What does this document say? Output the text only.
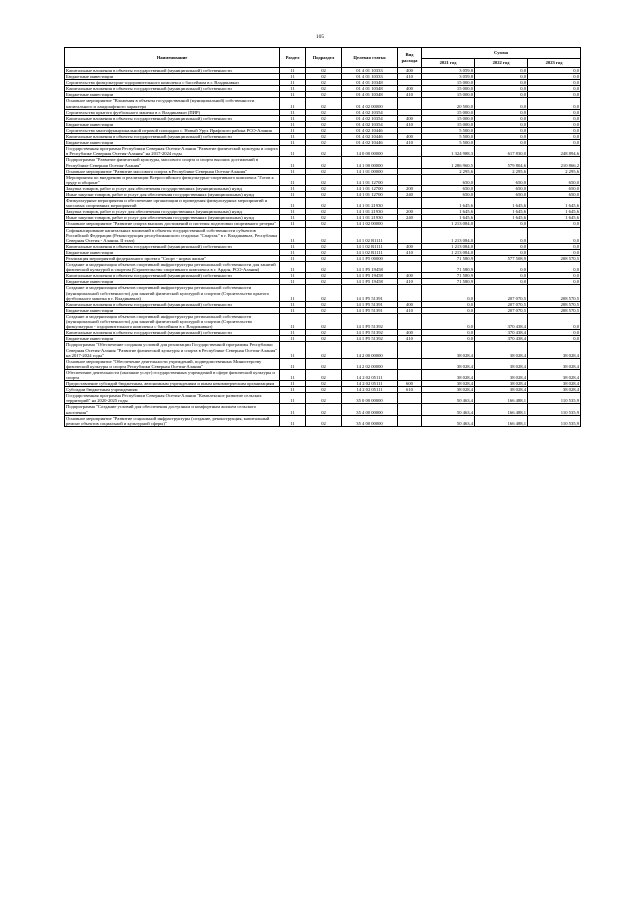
105
Наименование	Раздел	Подраздел	Целевая статья	Вид расхода	Сумма		
					2021 год	2022 год	2023 год
Капитальные вложения в объекты государственной (муниципальной) собственности	11	02	01 4 01 10333	400	3 059,8	0,0	0,0
Бюджетные инвестиции	11	02	01 4 01 10333	410	3 059,8	0,0	0,0
Строительство физкультурно-оздоровительного комплекса с бассейном в г. Владикавказ	11	02	01 4 01 10348		15 000,0	0,0	0,0
Капитальные вложения в объекты государственной (муниципальной) собственности	11	02	01 4 01 10348	400	15 000,0	0,0	0,0
Бюджетные инвестиции	11	02	01 4 01 10348	410	15 000,0	0,0	0,0
Основное мероприятие "Вложения в объекты государственной (муниципальной) собственности капитального и ландшафтного характера	11	02	01 4 02 00000		20 500,0	0,0	0,0
Строительство крытого футбольного манежа в г. Владикавказ (ПИР)	11	02	01 4 02 10354		15 000,0	0,0	0,0
Капитальные вложения в объекты государственной (муниципальной) собственности	11	02	01 4 02 10354	400	15 000,0	0,0	0,0
Бюджетные инвестиции	11	02	01 4 02 10354	410	15 000,0	0,0	0,0
Строительство многофункциональной игровой площадки с. Новый Урух Ирафского района РСО-Алания	11	02	01 4 02 10446		5 500,0	0,0	0,0
Капитальные вложения в объекты государственной (муниципальной) собственности	11	02	01 4 02 10446	400	5 500,0	0,0	0,0
Бюджетные инвестиции	11	02	01 4 02 10446	410	5 500,0	0,0	0,0
Государственная программа Республики Северная Осетия-Алания "Развитие физической культуры и спорта в Республике Северная Осетия-Алания" на 2017-2024 годы	11	02	14 0 00 00000		1 324 988,3	617 830,0	248 894,6
Подпрограмма "Развитие физической культуры, массового спорта и спорта высших достижений в Республике Северная Осетия-Алания"	11	02	14 1 00 00000		1 286 960,5	579 804,6	210 866,2
Основное мероприятие "Развитие массового спорта в Республике Северная Осетия-Алания"	11	02	14 1 01 00000		2 295,6	2 295,6	2 295,6
Мероприятия по внедрению и реализации Всероссийского физкультурно-спортивного комплекса "Готов к труду и обороне"	11	02	14 1 01 12700		650,0	650,0	650,0
Закупка товаров, работ и услуг для обеспечения государственных (муниципальных) нужд	11	02	14 1 01 12700	200	650,0	650,0	650,0
Иные закупки товаров, работ и услуг для обеспечения государственных (муниципальных) нужд	11	02	14 1 01 12700	240	650,0	650,0	650,0
Физкультурные мероприятия и обеспечение организации и проведения физкультурных мероприятий и массовых спортивных мероприятий	11	02	14 1 01 21930		1 645,6	1 645,6	1 645,6
Закупка товаров, работ и услуг для обеспечения государственных (муниципальных) нужд	11	02	14 1 01 21930	200	1 645,6	1 645,6	1 645,6
Иные закупки товаров, работ и услуг для обеспечения государственных (муниципальных) нужд	11	02	14 1 01 21930	240	1 645,6	1 645,6	1 645,6
Основное мероприятие "Развитие спорта высших достижений и системы подготовки спортивного резерва"	11	02	14 1 02 00000		1 213 084,0	0,0	0,0
Софинансирование капитальных вложений в объекты государственной собственности субъектов Российской Федерации (Реконструкция республиканского стадиона "Спартак" в г. Владикавказ, Республика Северная Осетия - Алания. II этап)	11	02	14 1 02 R1111		1 213 084,0	0,0	0,0
Капитальные вложения в объекты государственной (муниципальной) собственности	11	02	14 1 02 R1111	400	1 213 084,0	0,0	0,0
Бюджетные инвестиции	11	02	14 1 02 R1111	410	1 213 084,0	0,0	0,0
Реализация мероприятий федерального проекта "Спорт - норма жизни"	11	02	14 1 P5 00000		71 580,9	577 508,9	208 570,5
Создание и модернизация объектов спортивной инфраструктуры региональной собственности для занятий физической культурой и спортом (Строительство спортивного комплекса в г. Ардон, РСО-Алания)	11	02	14 1 P5 19458		71 580,9	0,0	0,0
Капитальные вложения в объекты государственной (муниципальной) собственности	11	02	14 1 P5 19458	400	71 580,9	0,0	0,0
Бюджетные инвестиции	11	02	14 1 P5 19458	410	71 580,9	0,0	0,0
Создание и модернизация объектов спортивной инфраструктуры региональной собственности (муниципальной собственности) для занятий физической культурой и спортом (Строительство крытого футбольного манежа в г. Владикавказ)	11	02	14 1 P5 51391		0,0	207 070,5	208 570,5
Капитальные вложения в объекты государственной (муниципальной) собственности	11	02	14 1 P5 51391	400	0,0	207 070,5	208 570,5
Бюджетные инвестиции	11	02	14 1 P5 51391	410	0,0	207 070,5	208 570,5
Создание и модернизация объектов спортивной инфраструктуры региональной собственности (муниципальной собственности) для занятий физической культурой и спортом (Строительство физкультурно - оздоровительного комплекса с бассейном в г. Владикавказ)	11	02	14 1 P5 51392		0,0	370 438,4	0,0
Капитальные вложения в объекты государственной (муниципальной) собственности	11	02	14 1 P5 51392	400	0,0	370 438,4	0,0
Бюджетные инвестиции	11	02	14 1 P5 51392	410	0,0	370 438,4	0,0
Подпрограмма "Обеспечение создания условий для реализации Государственной программы Республики Северная Осетия-Алания "Развитие физической культуры и спорта в Республике Северная Осетия-Алания" на 2017-2024 годы"	11	02	14 2 00 00000		38 028,4	38 028,4	38 028,4
Основное мероприятие "Обеспечение деятельности учреждений, подведомственных Министерству физической культуры и спорта Республики Северная Осетия-Алания"	11	02	14 2 02 00000		38 028,4	38 028,4	38 028,4
Обеспечение деятельности (оказание услуг) государственных учреждений в сфере физической культуры и спорта	11	02	14 2 02 05111		38 028,4	38 028,4	38 028,4
Предоставление субсидий бюджетным, автономным учреждениям и иным некоммерческим организациям	11	02	14 2 02 05111	600	38 028,4	38 028,4	38 028,4
Субсидии бюджетным учреждениям	11	02	14 2 02 05111	610	38 028,4	38 028,4	38 028,4
Государственная программа Республики Северная Осетия-Алания "Комплексное развитие сельских территорий" на 2020-2025 годы	11	02	35 0 00 00000		50 463,4	166 488,1	110 535,9
Подпрограмма "Создание условий для обеспечения доступным и комфортным жильем сельского населения"	11	02	35 4 00 00000		50 463,4	166 488,1	110 535,9
Основное мероприятие "Развитие социальной инфраструктуры (создание, реконструкция, капитальный ремонт объектов социальной и культурной сферы)"	11	02	35 4 00 00000		50 463,4	166 488,1	110 535,9
